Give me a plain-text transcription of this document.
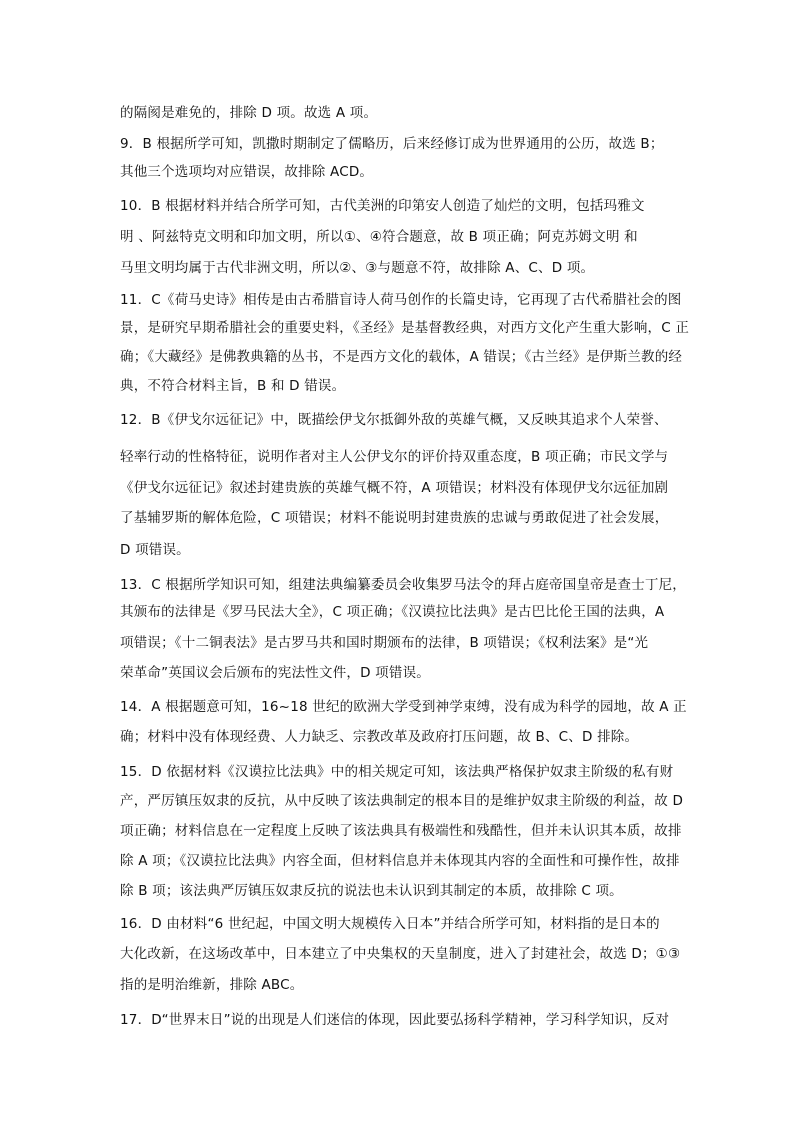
的隔阂是难免的，排除 D 项。故选 A 项。
9．B 根据所学可知，凯撒时期制定了儒略历，后来经修订成为世界通用的公历，故选 B；
其他三个选项均对应错误，故排除 ACD。
10．B 根据材料并结合所学可知，古代美洲的印第安人创造了灿烂的文明，包括玛雅文
明 、阿兹特克文明和印加文明，所以①、④符合题意，故 B 项正确；阿克苏姆文明 和
马里文明均属于古代非洲文明，所以②、③与题意不符，故排除 A、C、D 项。
11．C《荷马史诗》相传是由古希腊盲诗人荷马创作的长篇史诗，它再现了古代希腊社会的图
景，是研究早期希腊社会的重要史料，《圣经》是基督教经典，对西方文化产生重大影响，C 正
确；《大藏经》是佛教典籍的丛书，不是西方文化的载体，A 错误；《古兰经》是伊斯兰教的经
典，不符合材料主旨，B 和 D 错误。
12．B《伊戈尔远征记》中，既描绘伊戈尔抵御外敌的英雄气概，又反映其追求个人荣誉、
轻率行动的性格特征，说明作者对主人公伊戈尔的评价持双重态度，B 项正确；市民文学与
《伊戈尔远征记》叙述封建贵族的英雄气概不符，A 项错误；材料没有体现伊戈尔远征加剧
了基辅罗斯的解体危险，C 项错误；材料不能说明封建贵族的忠诚与勇敢促进了社会发展，
D 项错误。
13．C 根据所学知识可知，组建法典编纂委员会收集罗马法令的拜占庭帝国皇帝是查士丁尼，
其颁布的法律是《罗马民法大全》，C 项正确；《汉谟拉比法典》是古巴比伦王国的法典，A
项错误；《十二铜表法》是古罗马共和国时期颁布的法律，B 项错误；《权利法案》是“光
荣革命”英国议会后颁布的宪法性文件，D 项错误。
14．A 根据题意可知，16~18 世纪的欧洲大学受到神学束缚，没有成为科学的园地，故 A 正
确；材料中没有体现经费、人力缺乏、宗教改革及政府打压问题，故 B、C、D 排除。
15．D 依据材料《汉谟拉比法典》中的相关规定可知，该法典严格保护奴隶主阶级的私有财
产，严厉镇压奴隶的反抗，从中反映了该法典制定的根本目的是维护奴隶主阶级的利益，故 D
项正确；材料信息在一定程度上反映了该法典具有极端性和残酷性，但并未认识其本质，故排
除 A 项；《汉谟拉比法典》内容全面，但材料信息并未体现其内容的全面性和可操作性，故排
除 B 项；该法典严厉镇压奴隶反抗的说法也未认识到其制定的本质，故排除 C 项。
16．D 由材料“6 世纪起，中国文明大规模传入日本”并结合所学可知，材料指的是日本的
大化改新，在这场改革中，日本建立了中央集权的天皇制度，进入了封建社会，故选 D；①③
指的是明治维新，排除 ABC。
17．D“世界末日”说的出现是人们迷信的体现，因此要弘扬科学精神，学习科学知识，反对
